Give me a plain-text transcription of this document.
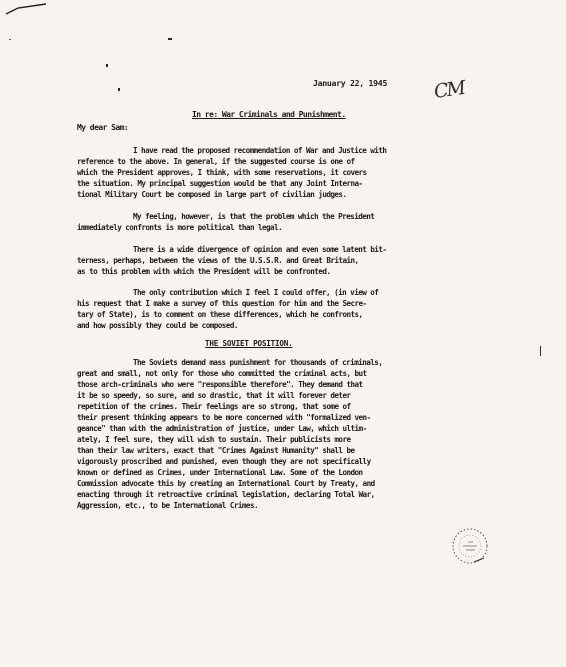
January 22, 1945 CM
In re: War Criminals and Punishment.
My dear Sam:
I have read the proposed recommendation of War and Justice with
reference to the above. In general, if the suggested course is one of
which the President approves, I think, with some reservations, it covers
the situation. My principal suggestion would be that any Joint Interna-
tional Military Court be composed in large part of civilian judges.
My feeling, however, is that the problem which the President
immediately confronts is more political than legal.
There is a wide divergence of opinion and even some latent bit-
terness, perhaps, between the views of the U.S.S.R. and Great Britain,
as to this problem with which the President will be confronted.
The only contribution which I feel I could offer, (in view of
his request that I make a survey of this question for him and the Secre-
tary of State), is to comment on these differences, which he confronts,
and how possibly they could be composed.
THE SOVIET POSITION.
The Soviets demand mass punishment for thousands of criminals,
great and small, not only for those who committed the criminal acts, but
those arch-criminals who were "responsible therefore". They demand that
it be so speedy, so sure, and so drastic, that it will forever deter
repetition of the crimes. Their feelings are so strong, that some of
their present thinking appears to be more concerned with "formalized ven-
geance" than with the administration of justice, under Law, which ultim-
ately, I feel sure, they will wish to sustain. Their publicists more
than their law writers, exact that "Crimes Against Humanity" shall be
vigorously proscribed and punished, even though they are not specifically
known or defined as Crimes, under International Law. Some of the London
Commission advocate this by creating an International Court by Treaty, and
enacting through it retroactive criminal legislation, declaring Total War,
Aggression, etc., to be International Crimes.
